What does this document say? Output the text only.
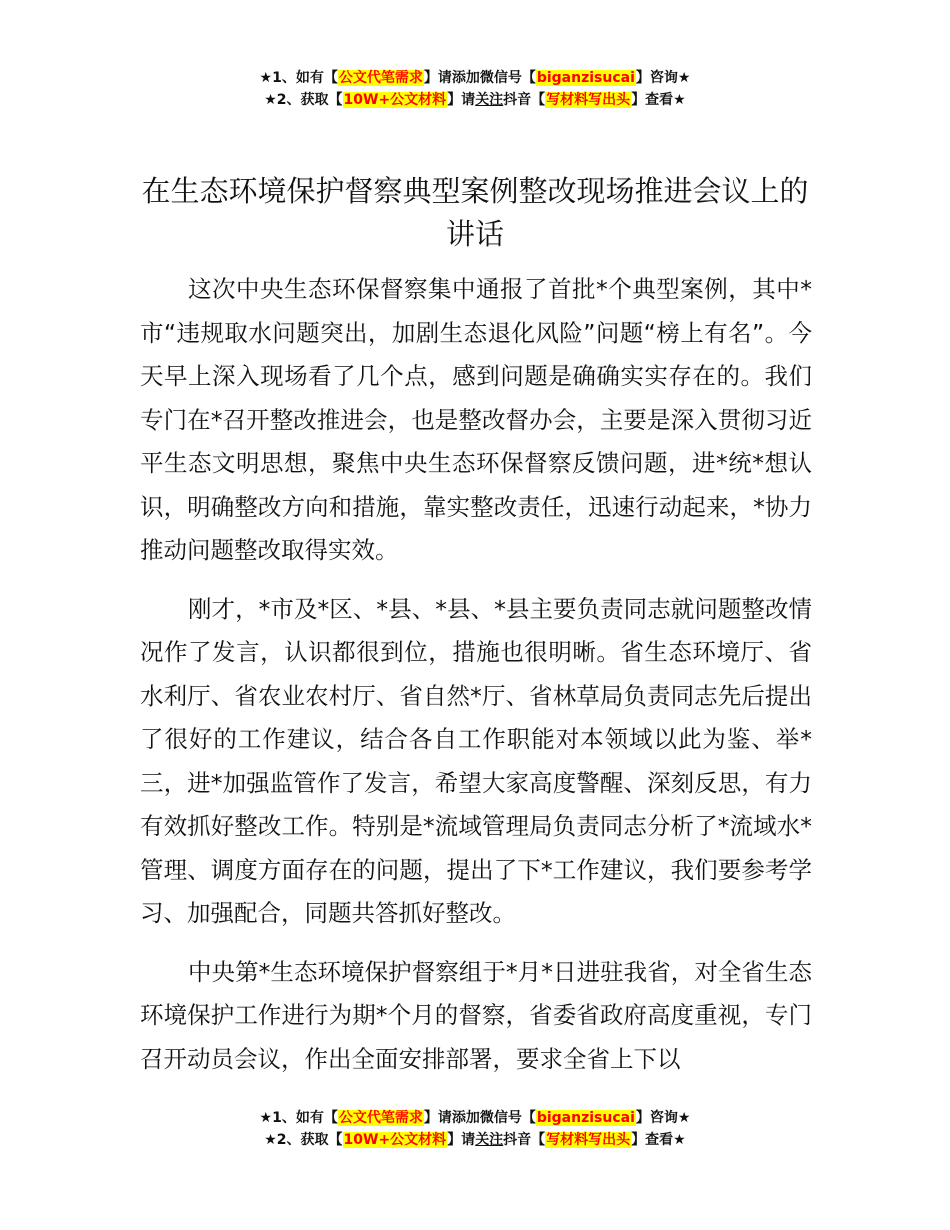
★1、如有【公文代笔需求】请添加微信号【biganzisucai】咨询★
★2、获取【10W+公文材料】请关注抖音【写材料写出头】查看★
在生态环境保护督察典型案例整改现场推进会议上的讲话

这次中央生态环保督察集中通报了首批*个典型案例，其中*市“违规取水问题突出，加剧生态退化风险”问题“榜上有名”。今天早上深入现场看了几个点，感到问题是确确实实存在的。我们专门在*召开整改推进会，也是整改督办会，主要是深入贯彻习近平生态文明思想，聚焦中央生态环保督察反馈问题，进*统*想认识，明确整改方向和措施，靠实整改责任，迅速行动起来，*协力推动问题整改取得实效。

刚才，*市及*区、*县、*县、*县主要负责同志就问题整改情况作了发言，认识都很到位，措施也很明晰。省生态环境厅、省水利厅、省农业农村厅、省自然*厅、省林草局负责同志先后提出了很好的工作建议，结合各自工作职能对本领域以此为鉴、举*三，进*加强监管作了发言，希望大家高度警醒、深刻反思，有力有效抓好整改工作。特别是*流域管理局负责同志分析了*流域水*管理、调度方面存在的问题，提出了下*工作建议，我们要参考学习、加强配合，同题共答抓好整改。

中央第*生态环境保护督察组于*月*日进驻我省，对全省生态环境保护工作进行为期*个月的督察，省委省政府高度重视，专门召开动员会议，作出全面安排部署，要求全省上下以

★1、如有【公文代笔需求】请添加微信号【biganzisucai】咨询★
★2、获取【10W+公文材料】请关注抖音【写材料写出头】查看★
